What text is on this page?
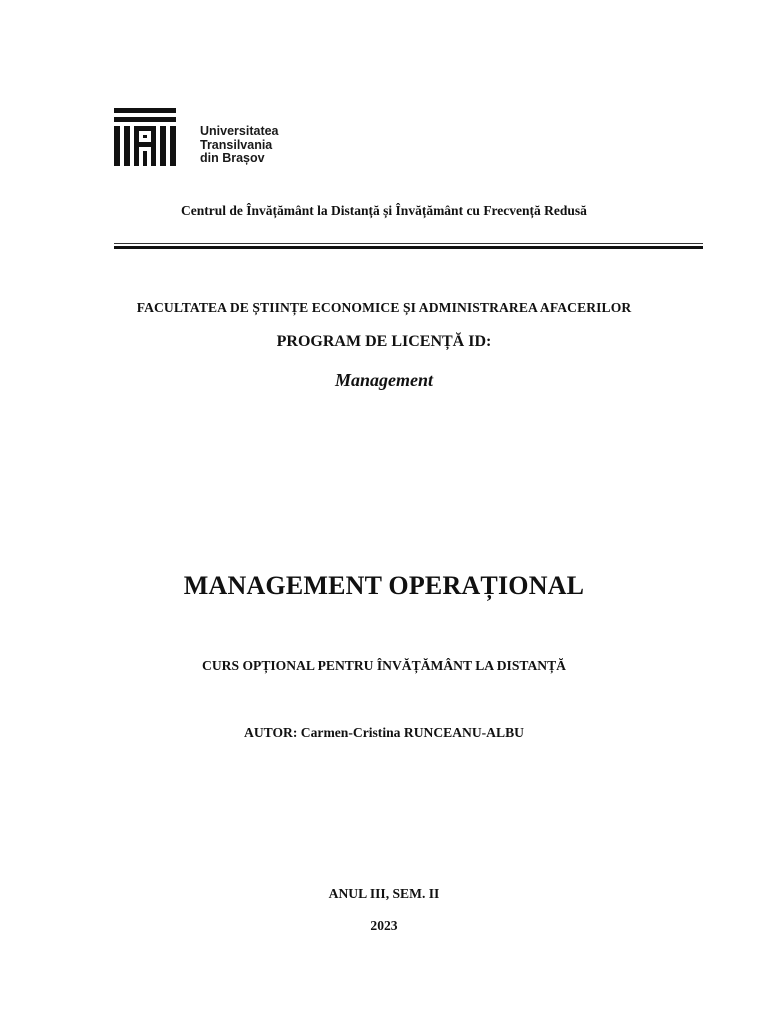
Universitatea
Transilvania
din Brașov
Centrul de Învățământ la Distanță și Învățământ cu Frecvență Redusă
FACULTATEA DE ȘTIINȚE ECONOMICE ȘI ADMINISTRAREA AFACERILOR
PROGRAM DE LICENȚĂ ID:
Management
MANAGEMENT OPERAȚIONAL
CURS OPȚIONAL PENTRU ÎNVĂȚĂMÂNT LA DISTANȚĂ
AUTOR: Carmen-Cristina RUNCEANU-ALBU
ANUL III, SEM. II
2023
